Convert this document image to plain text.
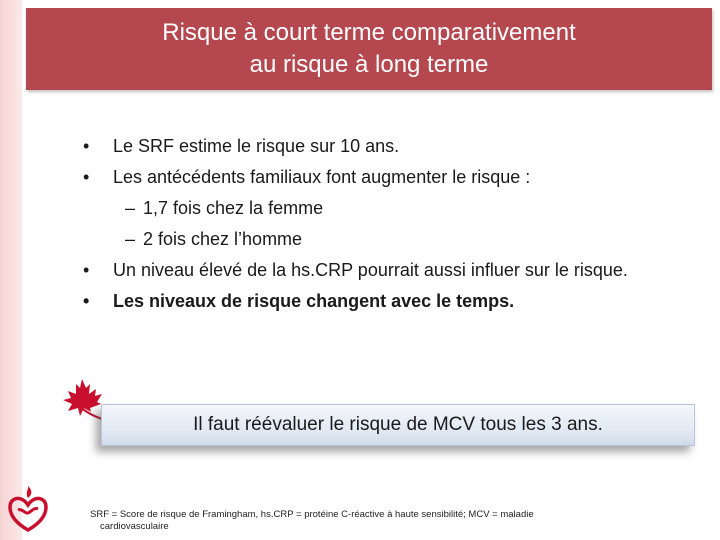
Risque à court terme comparativement
au risque à long terme
• Le SRF estime le risque sur 10 ans.
• Les antécédents familiaux font augmenter le risque :
– 1,7 fois chez la femme
– 2 fois chez l’homme
• Un niveau élevé de la hs.CRP pourrait aussi influer sur le risque.
• Les niveaux de risque changent avec le temps.
Il faut réévaluer le risque de MCV tous les 3 ans.
SRF = Score de risque de Framingham, hs.CRP = protéine C-réactive à haute sensibilité; MCV = maladie
cardiovasculaire
